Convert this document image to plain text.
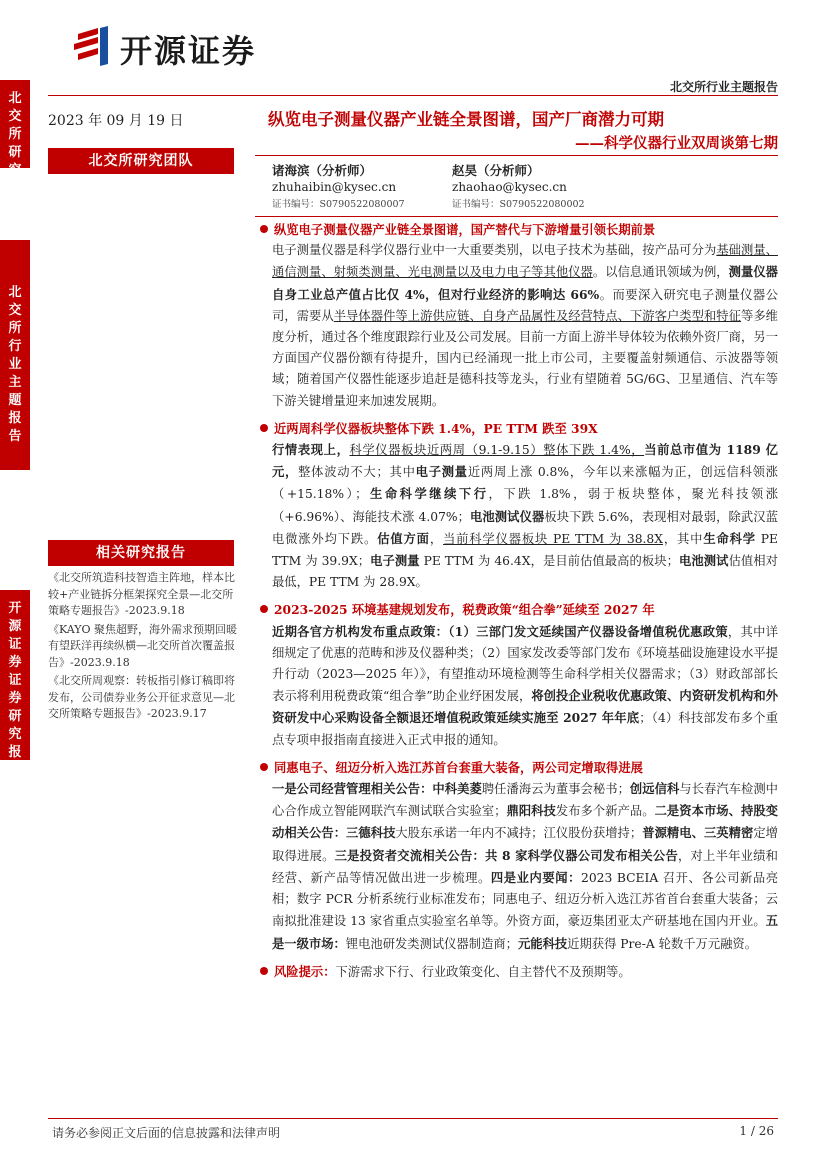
开源证券
北交所行业主题报告
北交所研究
北交所行业主题报告
开源证券 证券研究报告
2023 年 09 月 19 日
北交所研究团队
相关研究报告
《北交所筑造科技智造主阵地，样本比较+产业链拆分框架探究全景—北交所策略专题报告》-2023.9.18
《KAYO 聚焦超野，海外需求预期回暖有望跃洋再续纵横—北交所首次覆盖报告》-2023.9.18
《北交所周观察：转板指引修订稿即将发布，公司债券业务公开征求意见—北交所策略专题报告》-2023.9.17
纵览电子测量仪器产业链全景图谱，国产厂商潜力可期
——科学仪器行业双周谈第七期
诸海滨（分析师）
zhuhaibin@kysec.cn
证书编号：S0790522080007
赵昊（分析师）
zhaohao@kysec.cn
证书编号：S0790522080002
纵览电子测量仪器产业链全景图谱，国产替代与下游增量引领长期前景

电子测量仪器是科学仪器行业中一大重要类别，以电子技术为基础，按产品可分为基础测量、通信测量、射频类测量、光电测量以及电力电子等其他仪器。以信息通讯领域为例，测量仪器自身工业总产值占比仅 4%，但对行业经济的影响达 66%。而要深入研究电子测量仪器公司，需要从半导体器件等上游供应链、自身产品属性及经营特点、下游客户类型和特征等多维度分析，通过各个维度跟踪行业及公司发展。目前一方面上游半导体较为依赖外资厂商，另一方面国产仪器份额有待提升，国内已经涌现一批上市公司，主要覆盖射频通信、示波器等领域；随着国产仪器性能逐步追赶是德科技等龙头，行业有望随着 5G/6G、卫星通信、汽车等下游关键增量迎来加速发展期。

近两周科学仪器板块整体下跌 1.4%，PE TTM 跌至 39X

行情表现上，科学仪器板块近两周（9.1-9.15）整体下跌 1.4%，当前总市值为 1189 亿元，整体波动不大；其中电子测量近两周上涨 0.8%，今年以来涨幅为正，创远信科领涨（+15.18%）；生命科学继续下行，下跌 1.8%，弱于板块整体，聚光科技领涨（+6.96%）、海能技术涨 4.07%；电池测试仪器板块下跌 5.6%，表现相对最弱，除武汉蓝电微涨外均下跌。估值方面，当前科学仪器板块 PE TTM 为 38.8X，其中生命科学 PE TTM 为 39.9X；电子测量 PE TTM 为 46.4X，是目前估值最高的板块；电池测试估值相对最低，PE TTM 为 28.9X。

2023-2025 环境基建规划发布，税费政策“组合拳”延续至 2027 年

近期各官方机构发布重点政策：（1）三部门发文延续国产仪器设备增值税优惠政策，其中详细规定了优惠的范畴和涉及仪器种类；（2）国家发改委等部门发布《环境基础设施建设水平提升行动（2023—2025 年）》，有望推动环境检测等生命科学相关仪器需求；（3）财政部部长表示将利用税费政策“组合拳”助企业纾困发展，将创投企业税收优惠政策、内资研发机构和外资研发中心采购设备全额退还增值税政策延续实施至 2027 年年底；（4）科技部发布多个重点专项申报指南直接进入正式申报的通知。

同惠电子、纽迈分析入选江苏首台套重大装备，两公司定增取得进展

一是公司经营管理相关公告：中科美菱聘任潘海云为董事会秘书；创远信科与长春汽车检测中心合作成立智能网联汽车测试联合实验室；鼎阳科技发布多个新产品。二是资本市场、持股变动相关公告：三德科技大股东承诺一年内不减持；江仪股份获增持；普源精电、三英精密定增取得进展。三是投资者交流相关公告：共 8 家科学仪器公司发布相关公告，对上半年业绩和经营、新产品等情况做出进一步梳理。四是业内要闻：2023 BCEIA 召开、各公司新品亮相；数字 PCR 分析系统行业标准发布；同惠电子、纽迈分析入选江苏省首台套重大装备；云南拟批准建设 13 家省重点实验室名单等。外资方面，豪迈集团亚太产研基地在国内开业。五是一级市场：锂电池研发类测试仪器制造商；元能科技近期获得 Pre-A 轮数千万元融资。

风险提示：下游需求下行、行业政策变化、自主替代不及预期等。
请务必参阅正文后面的信息披露和法律声明	1 / 26
